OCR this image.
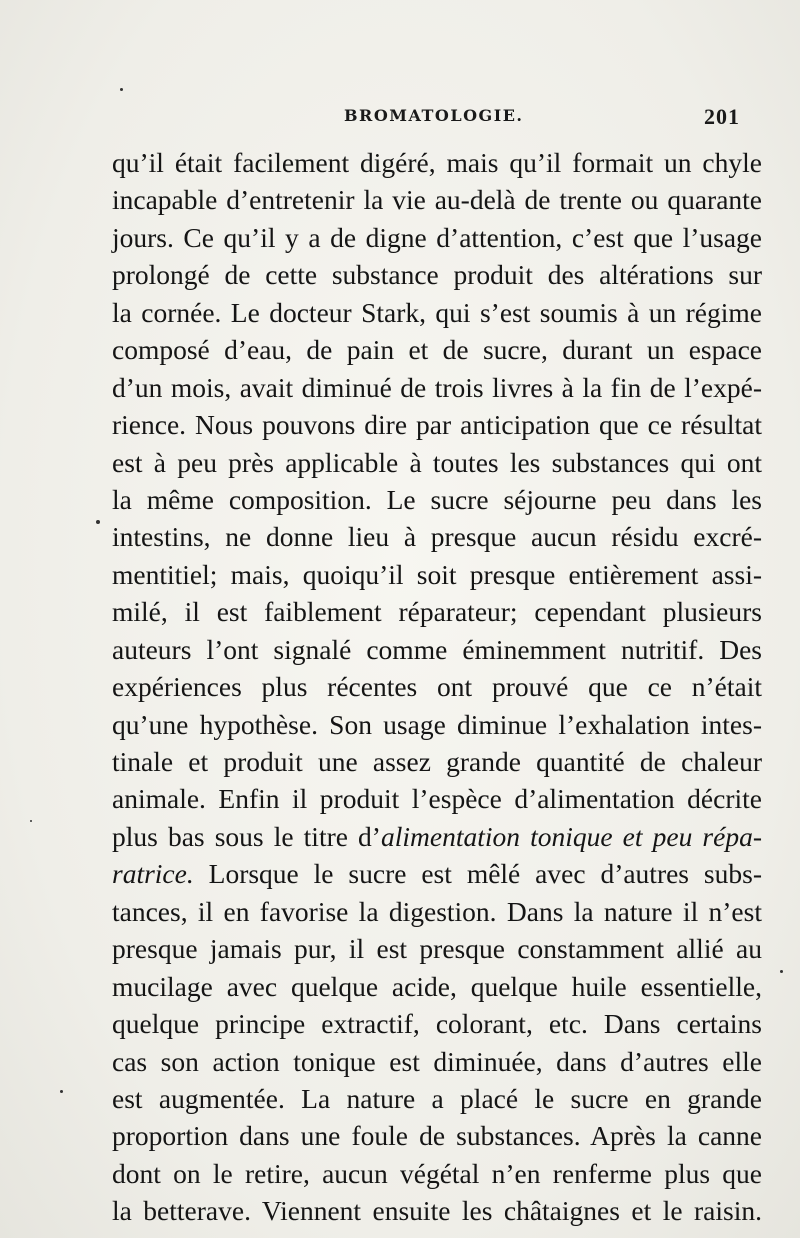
BROMATOLOGIE.	201
qu’il était facilement digéré, mais qu’il formait un chyle
incapable d’entretenir la vie au-delà de trente ou quarante
jours. Ce qu’il y a de digne d’attention, c’est que l’usage
prolongé de cette substance produit des altérations sur
la cornée. Le docteur Stark, qui s’est soumis à un régime
composé d’eau, de pain et de sucre, durant un espace
d’un mois, avait diminué de trois livres à la fin de l’expé-
rience. Nous pouvons dire par anticipation que ce résultat
est à peu près applicable à toutes les substances qui ont
la même composition. Le sucre séjourne peu dans les
intestins, ne donne lieu à presque aucun résidu excré-
mentitiel; mais, quoiqu’il soit presque entièrement assi-
milé, il est faiblement réparateur; cependant plusieurs
auteurs l’ont signalé comme éminemment nutritif. Des
expériences plus récentes ont prouvé que ce n’était
qu’une hypothèse. Son usage diminue l’exhalation intes-
tinale et produit une assez grande quantité de chaleur
animale. Enfin il produit l’espèce d’alimentation décrite
plus bas sous le titre d’alimentation tonique et peu répa-
ratrice. Lorsque le sucre est mêlé avec d’autres subs-
tances, il en favorise la digestion. Dans la nature il n’est
presque jamais pur, il est presque constamment allié au
mucilage avec quelque acide, quelque huile essentielle,
quelque principe extractif, colorant, etc. Dans certains
cas son action tonique est diminuée, dans d’autres elle
est augmentée. La nature a placé le sucre en grande
proportion dans une foule de substances. Après la canne
dont on le retire, aucun végétal n’en renferme plus que
la betterave. Viennent ensuite les châtaignes et le raisin.
